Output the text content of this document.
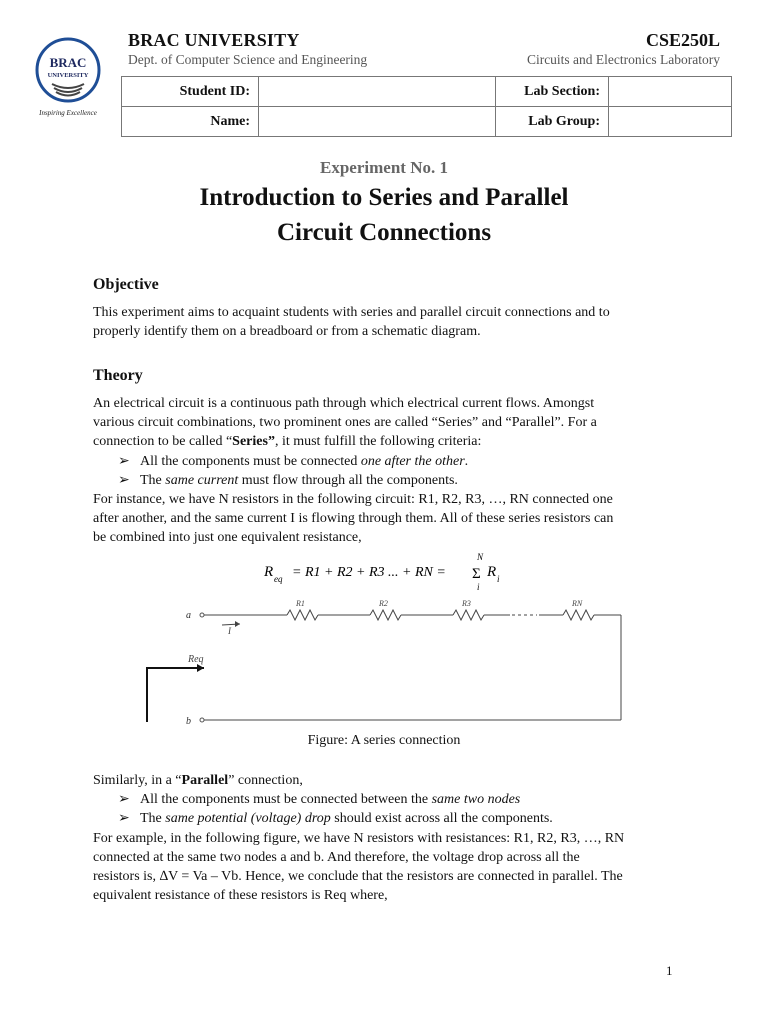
BRAC
UNIVERSITY
Inspiring Excellence
BRAC UNIVERSITY	CSE250L
Dept. of Computer Science and Engineering	Circuits and Electronics Laboratory
Student ID:		Lab Section:	
Name:		Lab Group:	
Experiment No. 1
Introduction to Series and Parallel
Circuit Connections
Objective
This experiment aims to acquaint students with series and parallel circuit connections and to
properly identify them on a breadboard or from a schematic diagram.
Theory
An electrical circuit is a continuous path through which electrical current flows. Amongst
various circuit combinations, two prominent ones are called “Series” and “Parallel”. For a
connection to be called “Series”, it must fulfill the following criteria:
➢ All the components must be connected one after the other.
➢ The same current must flow through all the components.
For instance, we have N resistors in the following circuit: R1, R2, R3, …, RN connected one
after another, and the same current I is flowing through them. All of these series resistors can
be combined into just one equivalent resistance,
R eq = R1 + R2 + R3 ... + RN =
N
Σ
i
R i
a
b
R1	R2	R3	RN
I
Req
Figure: A series connection
Similarly, in a “Parallel” connection,
➢ All the components must be connected between the same two nodes
➢ The same potential (voltage) drop should exist across all the components.
For example, in the following figure, we have N resistors with resistances: R1, R2, R3, …, RN
connected at the same two nodes a and b. And therefore, the voltage drop across all the
resistors is, ∆V = Va – Vb. Hence, we conclude that the resistors are connected in parallel. The
equivalent resistance of these resistors is Req where,
1
